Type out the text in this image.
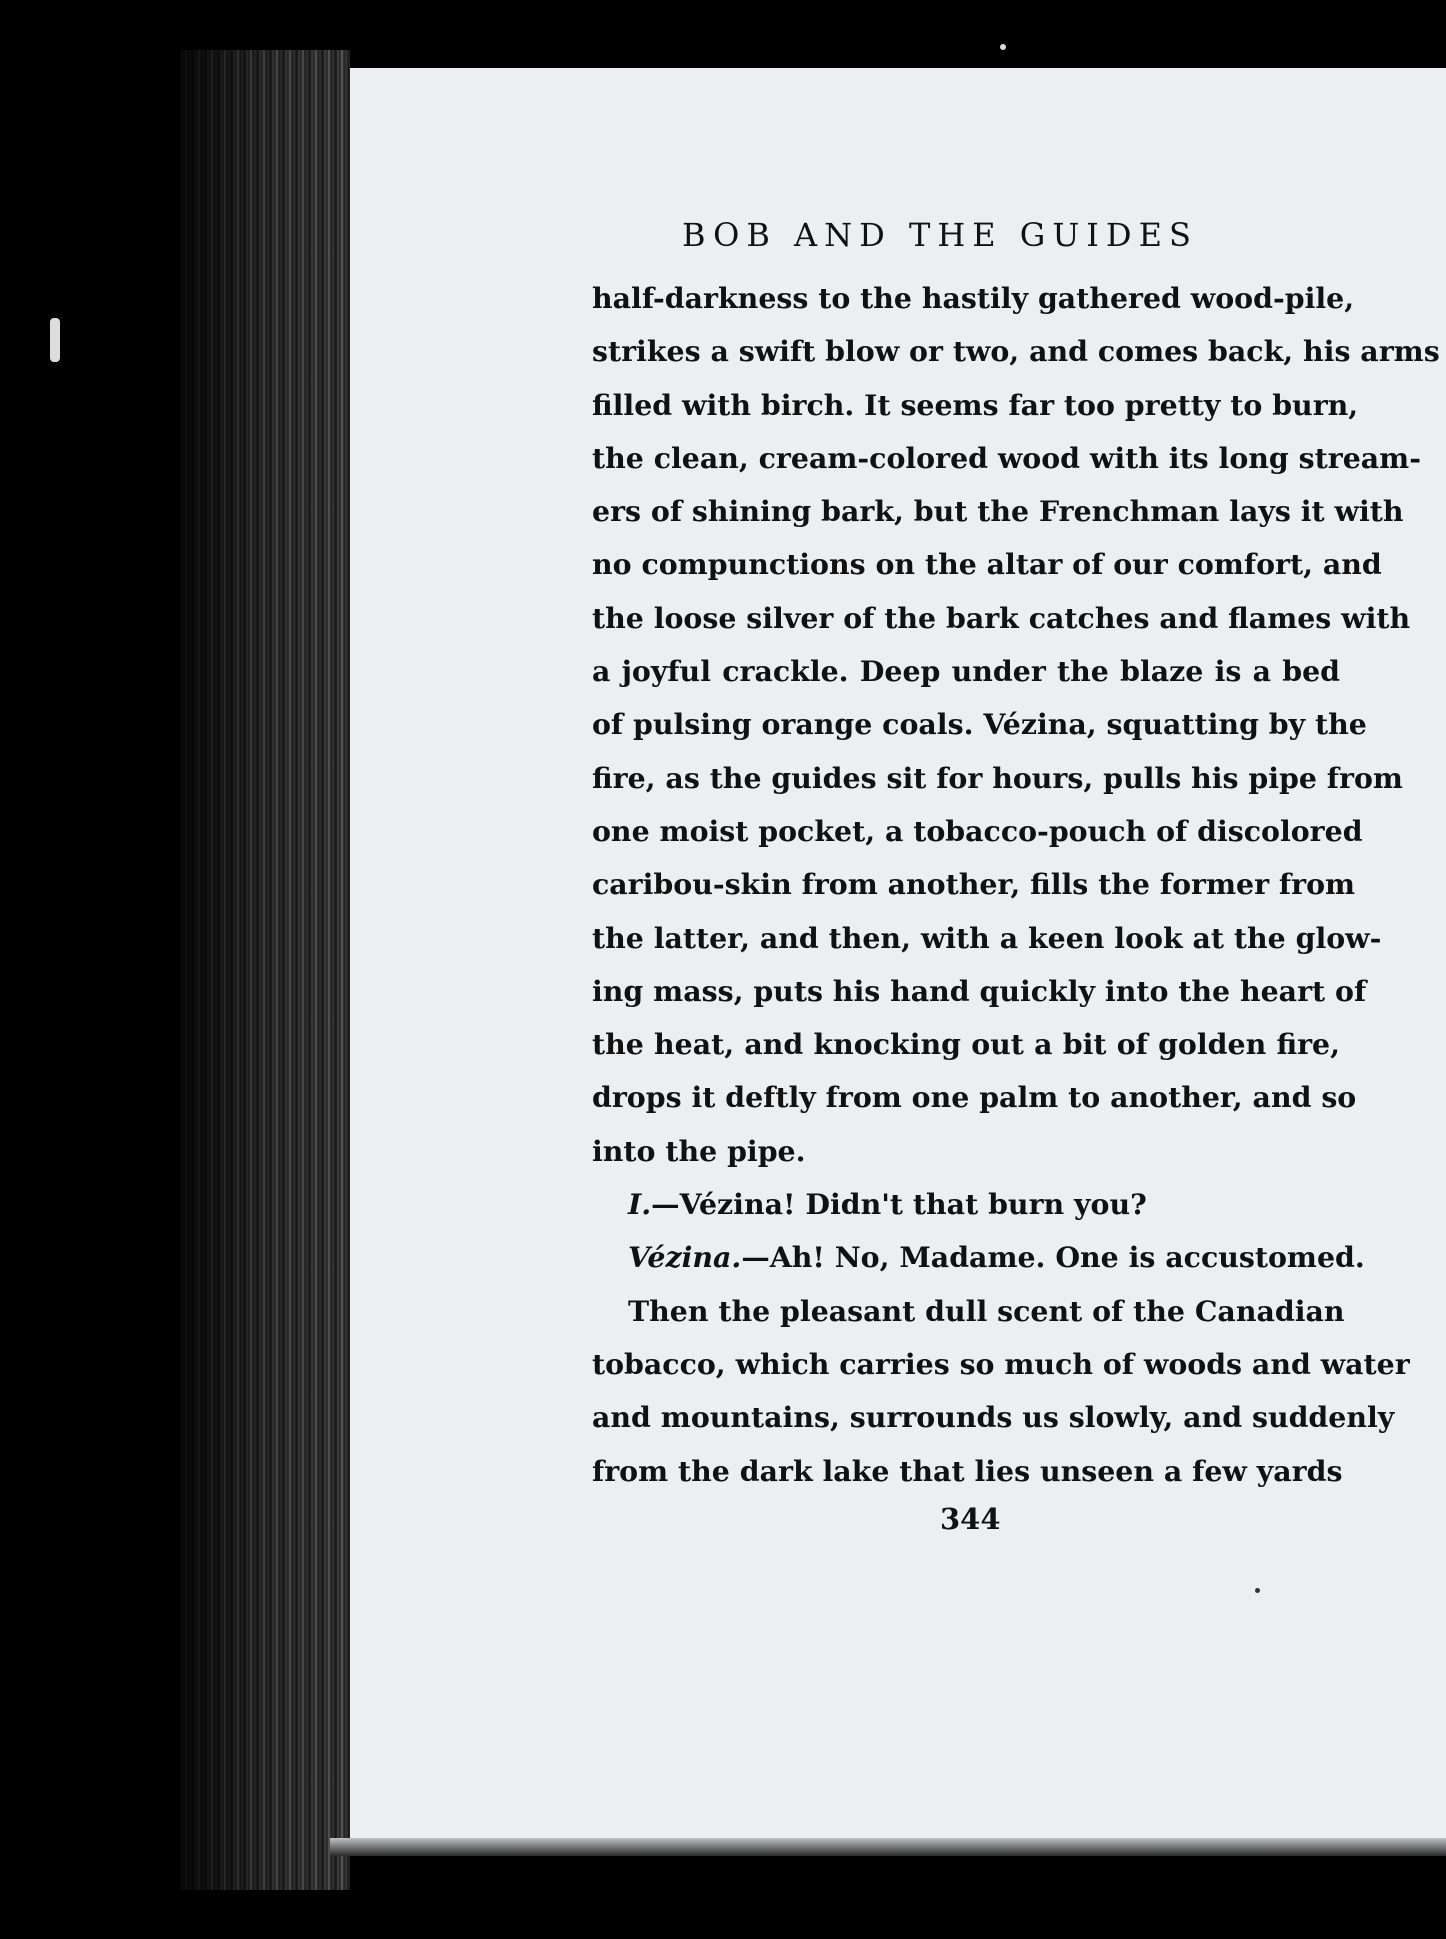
BOB AND THE GUIDES
half-darkness to the hastily gathered wood-pile,
strikes a swift blow or two, and comes back, his arms
filled with birch. It seems far too pretty to burn,
the clean, cream-colored wood with its long stream-
ers of shining bark, but the Frenchman lays it with
no compunctions on the altar of our comfort, and
the loose silver of the bark catches and flames with
a joyful crackle. Deep under the blaze is a bed
of pulsing orange coals. Vézina, squatting by the
fire, as the guides sit for hours, pulls his pipe from
one moist pocket, a tobacco-pouch of discolored
caribou-skin from another, fills the former from
the latter, and then, with a keen look at the glow-
ing mass, puts his hand quickly into the heart of
the heat, and knocking out a bit of golden fire,
drops it deftly from one palm to another, and so
into the pipe.
I.—Vézina! Didn't that burn you?
Vézina.—Ah! No, Madame. One is accustomed.
Then the pleasant dull scent of the Canadian
tobacco, which carries so much of woods and water
and mountains, surrounds us slowly, and suddenly
from the dark lake that lies unseen a few yards
344
